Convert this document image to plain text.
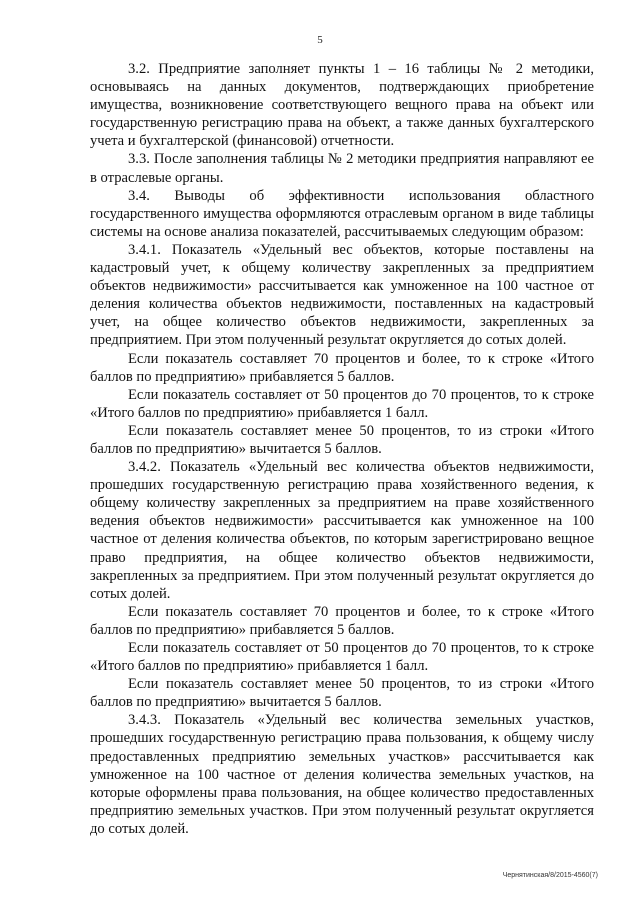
5

3.2. Предприятие заполняет пункты 1 – 16 таблицы № 2 методики, основываясь на данных документов, подтверждающих приобретение имущества, возникновение соответствующего вещного права на объект или государственную регистрацию права на объект, а также данных бухгалтерского учета и бухгалтерской (финансовой) отчетности.

3.3. После заполнения таблицы № 2 методики предприятия направляют ее в отраслевые органы.

3.4. Выводы об эффективности использования областного государственного имущества оформляются отраслевым органом в виде таблицы системы на основе анализа показателей, рассчитываемых следующим образом:

3.4.1. Показатель «Удельный вес объектов, которые поставлены на кадастровый учет, к общему количеству закрепленных за предприятием объектов недвижимости» рассчитывается как умноженное на 100 частное от деления количества объектов недвижимости, поставленных на кадастровый учет, на общее количество объектов недвижимости, закрепленных за предприятием. При этом полученный результат округляется до сотых долей.

Если показатель составляет 70 процентов и более, то к строке «Итого баллов по предприятию» прибавляется 5 баллов.

Если показатель составляет от 50 процентов до 70 процентов, то к строке «Итого баллов по предприятию» прибавляется 1 балл.

Если показатель составляет менее 50 процентов, то из строки «Итого баллов по предприятию» вычитается 5 баллов.

3.4.2. Показатель «Удельный вес количества объектов недвижимости, прошедших государственную регистрацию права хозяйственного ведения, к общему количеству закрепленных за предприятием на праве хозяйственного ведения объектов недвижимости» рассчитывается как умноженное на 100 частное от деления количества объектов, по которым зарегистрировано вещное право предприятия, на общее количество объектов недвижимости, закрепленных за предприятием. При этом полученный результат округляется до сотых долей.

Если показатель составляет 70 процентов и более, то к строке «Итого баллов по предприятию» прибавляется 5 баллов.

Если показатель составляет от 50 процентов до 70 процентов, то к строке «Итого баллов по предприятию» прибавляется 1 балл.

Если показатель составляет менее 50 процентов, то из строки «Итого баллов по предприятию» вычитается 5 баллов.

3.4.3. Показатель «Удельный вес количества земельных участков, прошедших государственную регистрацию права пользования, к общему числу предоставленных предприятию земельных участков» рассчитывается как умноженное на 100 частное от деления количества земельных участков, на которые оформлены права пользования, на общее количество предоставленных предприятию земельных участков. При этом полученный результат округляется до сотых долей.

Чернятинская/8/2015-4560(7)
